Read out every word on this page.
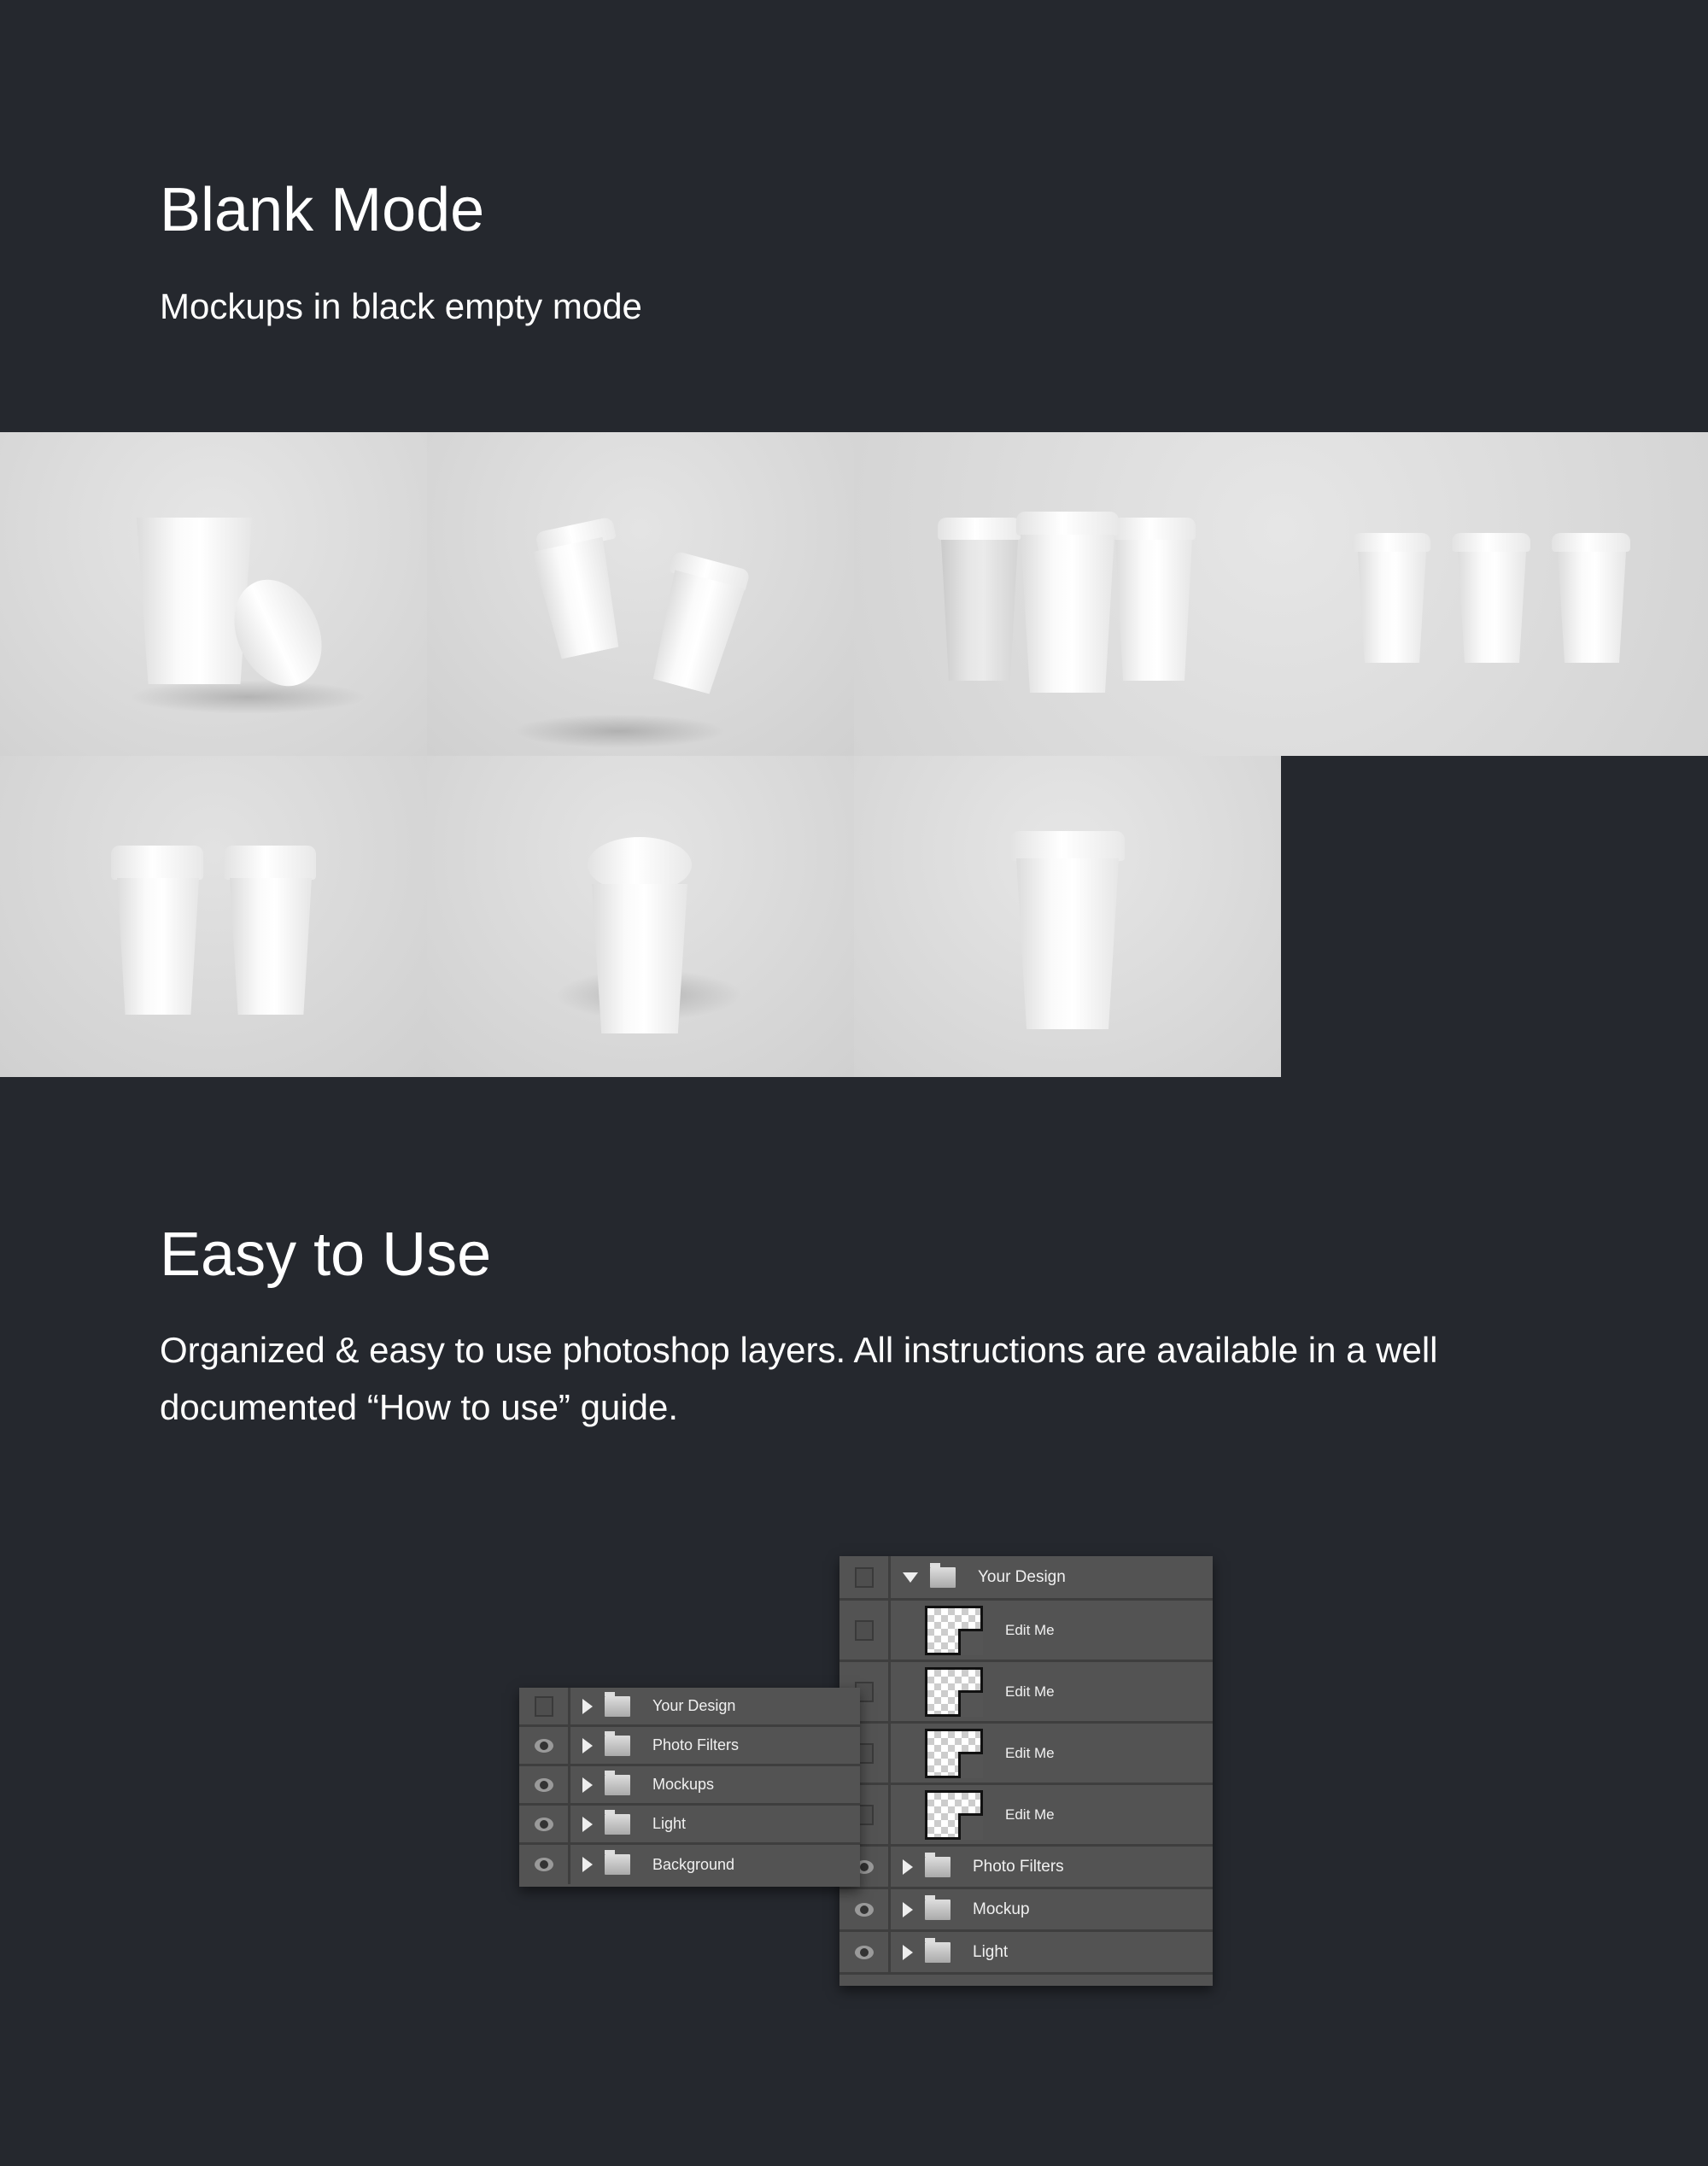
Blank Mode
Mockups in black empty mode
Easy to Use
Organized & easy to use photoshop layers. All instructions are available in a well documented “How to use” guide.
Your Design
Edit Me
Edit Me
Edit Me
Edit Me
Photo Filters
Mockup
Light
Your Design
Photo Filters
Mockups
Light
Background
